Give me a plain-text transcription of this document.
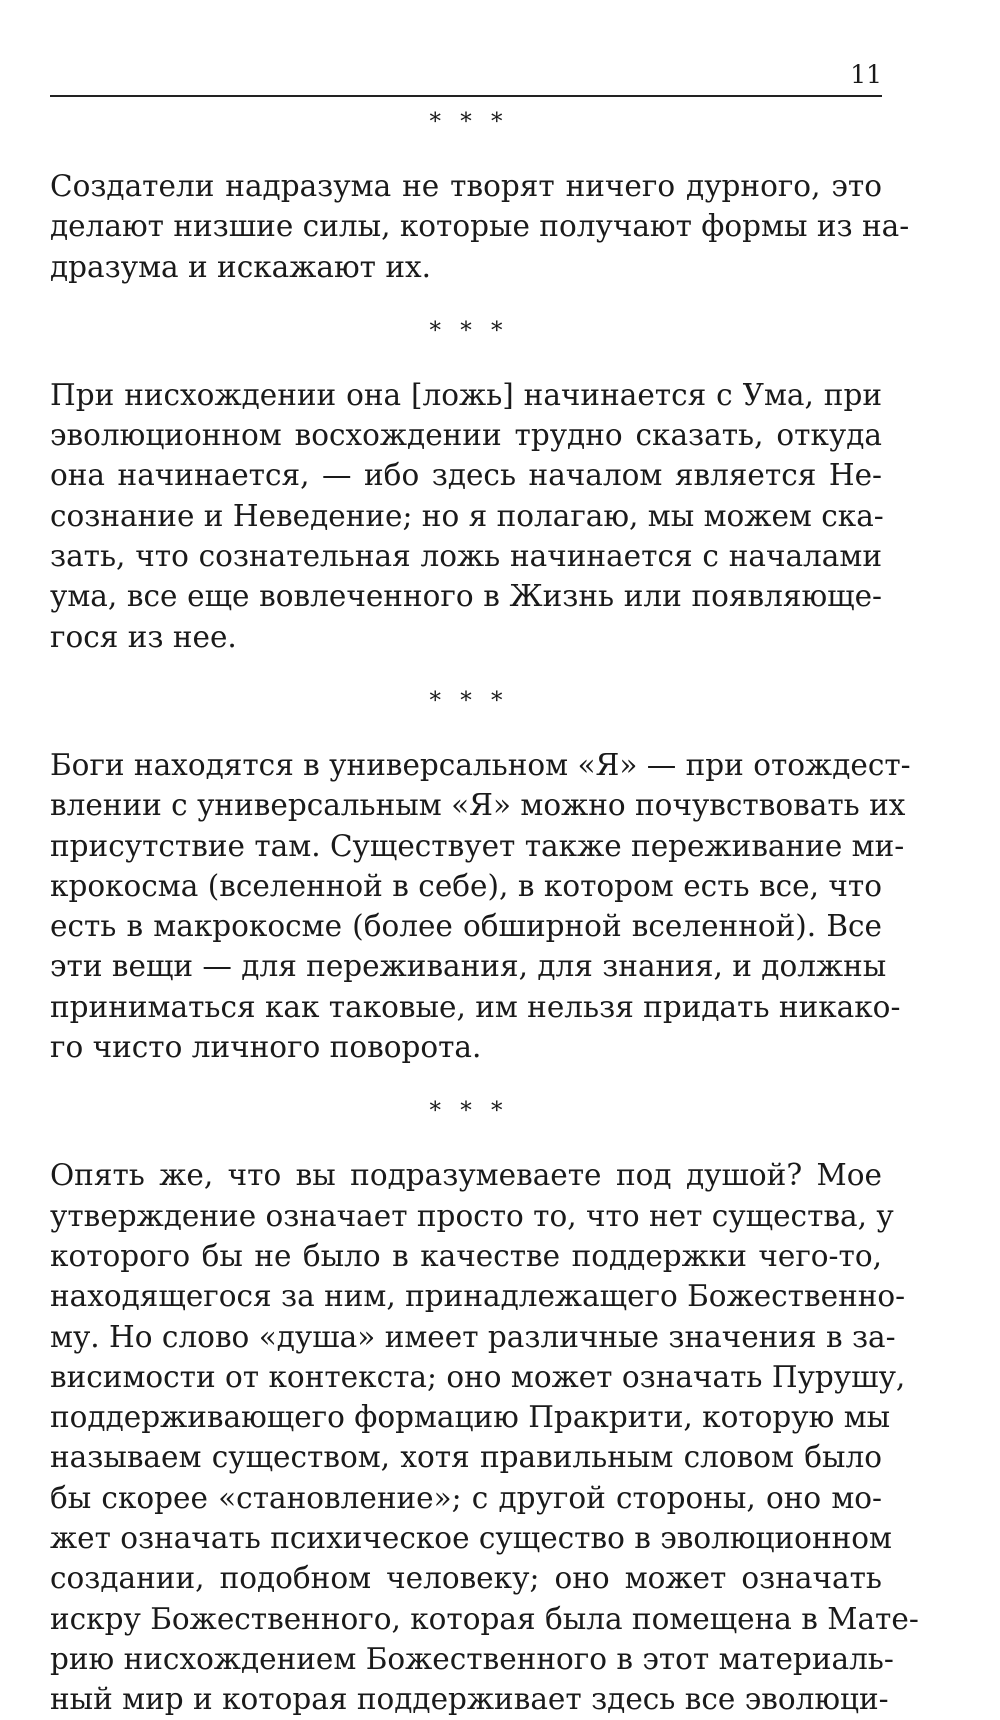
11
* * *

Создатели надразума не творят ничего дурного, это
делают низшие силы, которые получают формы из на-
дразума и искажают их.

* * *

При нисхождении она [ложь] начинается с Ума, при
эволюционном восхождении трудно сказать, откуда
она начинается, — ибо здесь началом является Не-
сознание и Неведение; но я полагаю, мы можем ска-
зать, что сознательная ложь начинается с началами
ума, все еще вовлеченного в Жизнь или появляюще-
гося из нее.

* * *

Боги находятся в универсальном «Я» — при отождест-
влении с универсальным «Я» можно почувствовать их
присутствие там. Существует также переживание ми-
крокосма (вселенной в себе), в котором есть все, что
есть в макрокосме (более обширной вселенной). Все
эти вещи — для переживания, для знания, и должны
приниматься как таковые, им нельзя придать никако-
го чисто личного поворота.

* * *

Опять же, что вы подразумеваете под душой? Мое
утверждение означает просто то, что нет существа, у
которого бы не было в качестве поддержки чего-то,
находящегося за ним, принадлежащего Божественно-
му. Но слово «душа» имеет различные значения в за-
висимости от контекста; оно может означать Пурушу,
поддерживающего формацию Пракрити, которую мы
называем существом, хотя правильным словом было
бы скорее «становление»; с другой стороны, оно мо-
жет означать психическое существо в эволюционном
создании, подобном человеку; оно может означать
искру Божественного, которая была помещена в Мате-
рию нисхождением Божественного в этот материаль-
ный мир и которая поддерживает здесь все эволюци-
